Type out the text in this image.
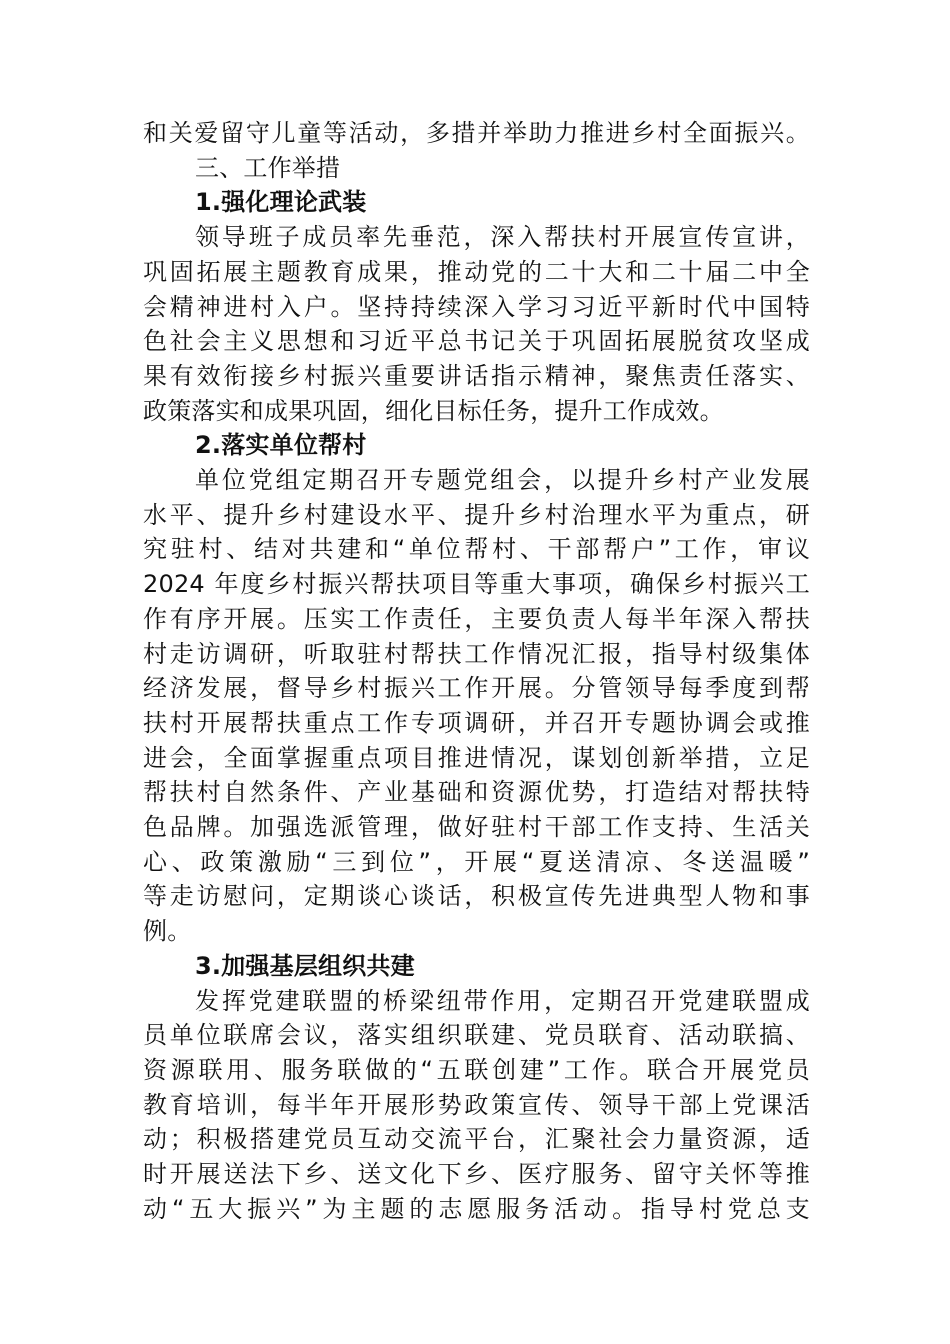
和关爱留守儿童等活动，多措并举助力推进乡村全面振兴。
三、工作举措
1.强化理论武装
领导班子成员率先垂范，深入帮扶村开展宣传宣讲，
巩固拓展主题教育成果，推动党的二十大和二十届二中全
会精神进村入户。坚持持续深入学习习近平新时代中国特
色社会主义思想和习近平总书记关于巩固拓展脱贫攻坚成
果有效衔接乡村振兴重要讲话指示精神，聚焦责任落实、
政策落实和成果巩固，细化目标任务，提升工作成效。
2.落实单位帮村
单位党组定期召开专题党组会，以提升乡村产业发展
水平、提升乡村建设水平、提升乡村治理水平为重点，研
究驻村、结对共建和“单位帮村、干部帮户”工作，审议
2024 年度乡村振兴帮扶项目等重大事项，确保乡村振兴工
作有序开展。压实工作责任，主要负责人每半年深入帮扶
村走访调研，听取驻村帮扶工作情况汇报，指导村级集体
经济发展，督导乡村振兴工作开展。分管领导每季度到帮
扶村开展帮扶重点工作专项调研，并召开专题协调会或推
进会，全面掌握重点项目推进情况，谋划创新举措，立足
帮扶村自然条件、产业基础和资源优势，打造结对帮扶特
色品牌。加强选派管理，做好驻村干部工作支持、生活关
心、政策激励“三到位”，开展“夏送清凉、冬送温暖”
等走访慰问，定期谈心谈话，积极宣传先进典型人物和事
例。
3.加强基层组织共建
发挥党建联盟的桥梁纽带作用，定期召开党建联盟成
员单位联席会议，落实组织联建、党员联育、活动联搞、
资源联用、服务联做的“五联创建”工作。联合开展党员
教育培训，每半年开展形势政策宣传、领导干部上党课活
动；积极搭建党员互动交流平台，汇聚社会力量资源，适
时开展送法下乡、送文化下乡、医疗服务、留守关怀等推
动“五大振兴”为主题的志愿服务活动。指导村党总支
